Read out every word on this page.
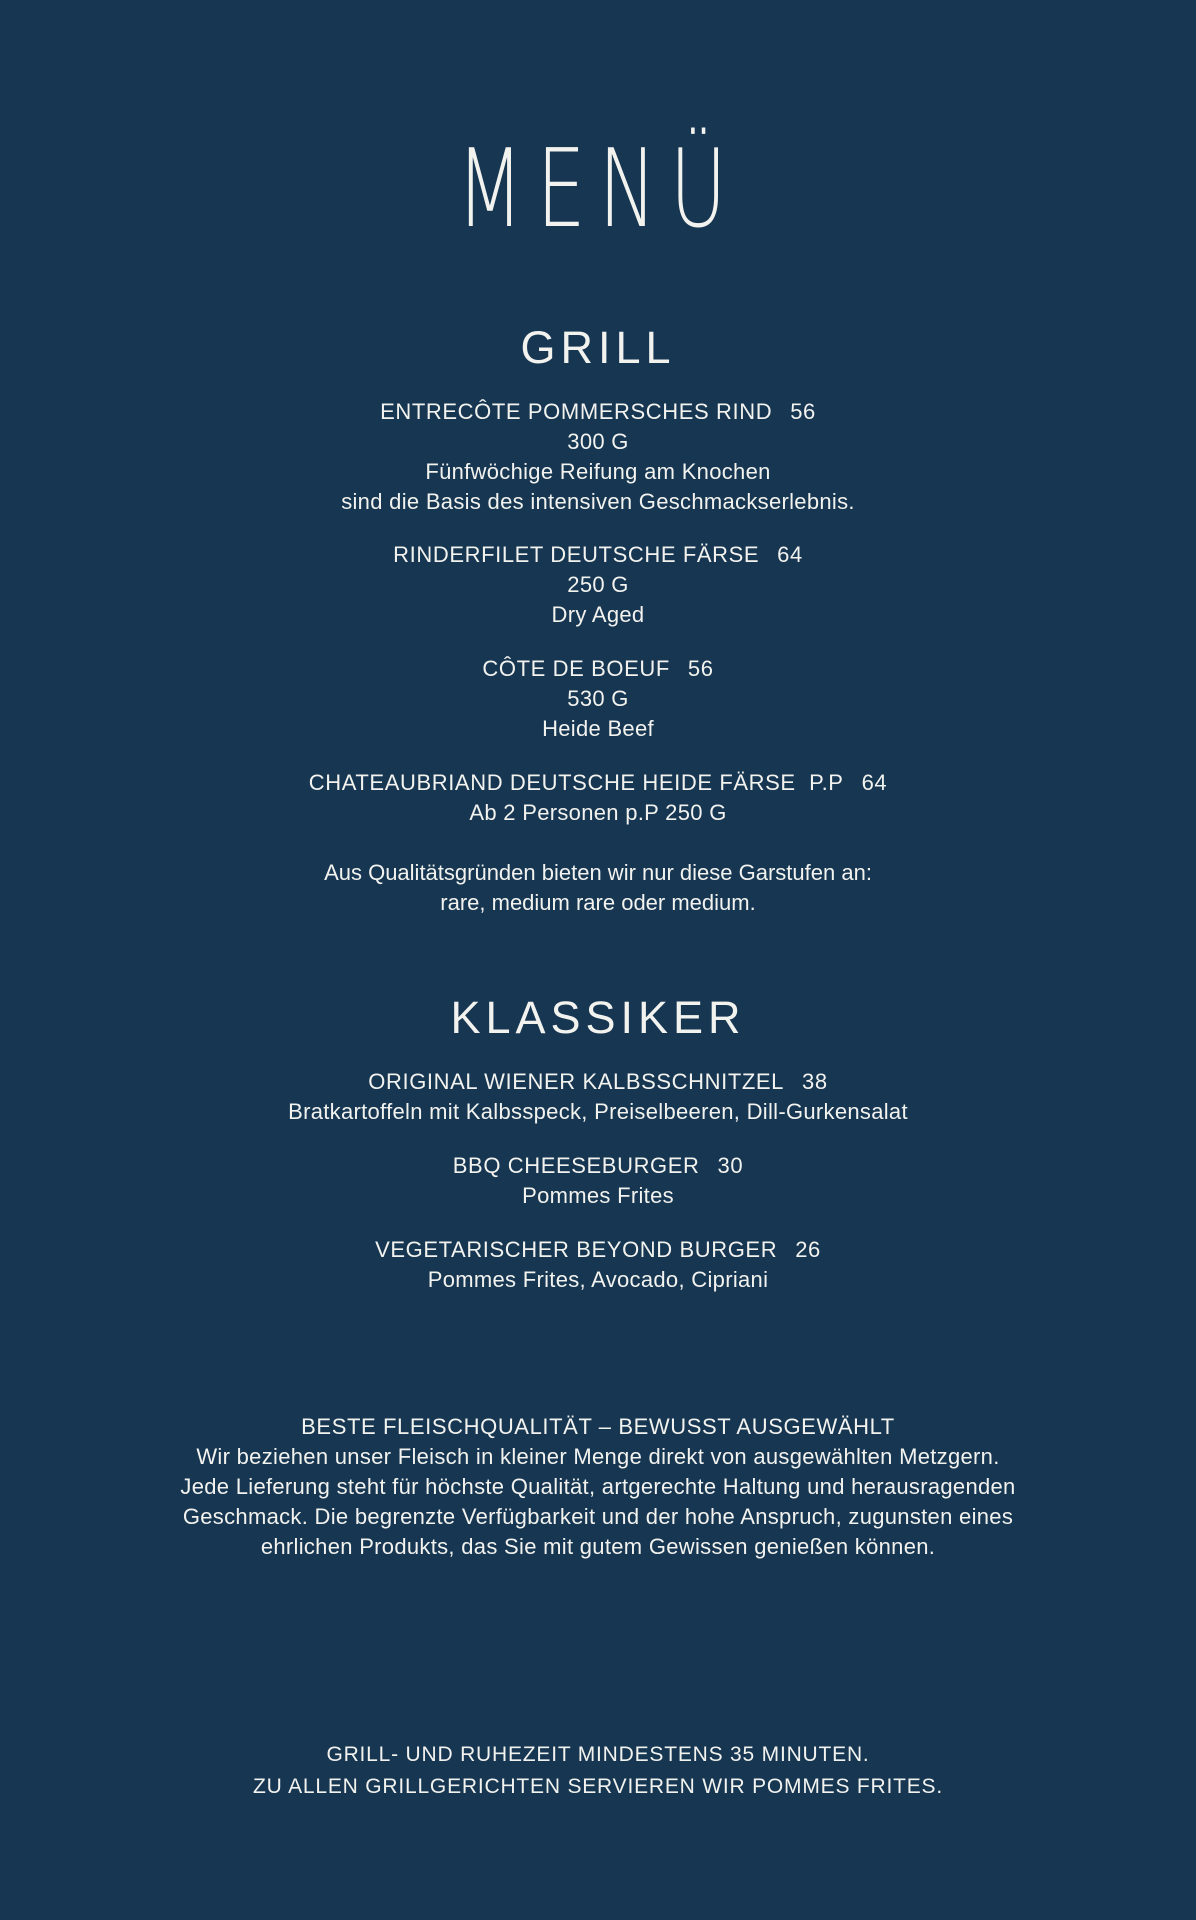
MENÜ
GRILL
ENTRECÔTE POMMERSCHES RIND 56
300 G
Fünfwöchige Reifung am Knochen
sind die Basis des intensiven Geschmackserlebnis.
RINDERFILET DEUTSCHE FÄRSE 64
250 G
Dry Aged
CÔTE DE BOEUF 56
530 G
Heide Beef
CHATEAUBRIAND DEUTSCHE HEIDE FÄRSE  P.P 64
Ab 2 Personen p.P 250 G
Aus Qualitätsgründen bieten wir nur diese Garstufen an:
rare, medium rare oder medium.
KLASSIKER
ORIGINAL WIENER KALBSSCHNITZEL 38
Bratkartoffeln mit Kalbsspeck, Preiselbeeren, Dill-Gurkensalat
BBQ CHEESEBURGER 30
Pommes Frites
VEGETARISCHER BEYOND BURGER 26
Pommes Frites, Avocado, Cipriani
BESTE FLEISCHQUALITÄT – BEWUSST AUSGEWÄHLT
Wir beziehen unser Fleisch in kleiner Menge direkt von ausgewählten Metzgern.
Jede Lieferung steht für höchste Qualität, artgerechte Haltung und herausragenden
Geschmack. Die begrenzte Verfügbarkeit und der hohe Anspruch, zugunsten eines
ehrlichen Produkts, das Sie mit gutem Gewissen genießen können.
GRILL- UND RUHEZEIT MINDESTENS 35 MINUTEN.
ZU ALLEN GRILLGERICHTEN SERVIEREN WIR POMMES FRITES.
